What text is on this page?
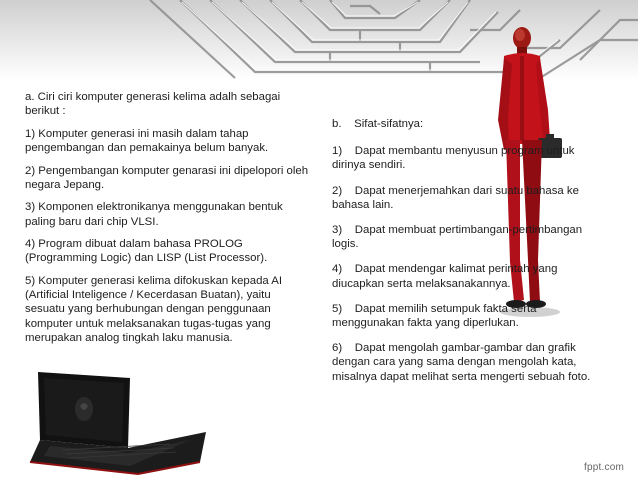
a. Ciri ciri komputer generasi kelima adalh sebagai berikut :

1) Komputer generasi ini masih dalam tahap pengembangan dan pemakainya belum banyak.

2) Pengembangan komputer genarasi ini dipelopori oleh negara Jepang.

3) Komponen elektronikanya menggunakan bentuk paling baru dari chip VLSI.

4) Program dibuat dalam bahasa PROLOG (Programming Logic) dan LISP (List Processor).

5) Komputer generasi kelima difokuskan kepada AI (Artificial Inteligence / Kecerdasan Buatan), yaitu sesuatu yang berhubungan dengan penggunaan komputer untuk melaksanakan tugas-tugas yang merupakan analog tingkah laku manusia.

b.    Sifat-sifatnya:

1)    Dapat membantu menyusun program untuk dirinya sendiri.

2)    Dapat menerjemahkan dari suatu bahasa ke bahasa lain.

3)    Dapat membuat pertimbangan-pertimbangan logis.

4)    Dapat mendengar kalimat perintah yang diucapkan serta melaksanakannya.

5)    Dapat memilih setumpuk fakta serta menggunakan fakta yang diperlukan.

6)    Dapat mengolah gambar-gambar dan grafik dengan cara yang sama dengan mengolah kata, misalnya dapat melihat serta mengerti sebuah foto.

fppt.com
